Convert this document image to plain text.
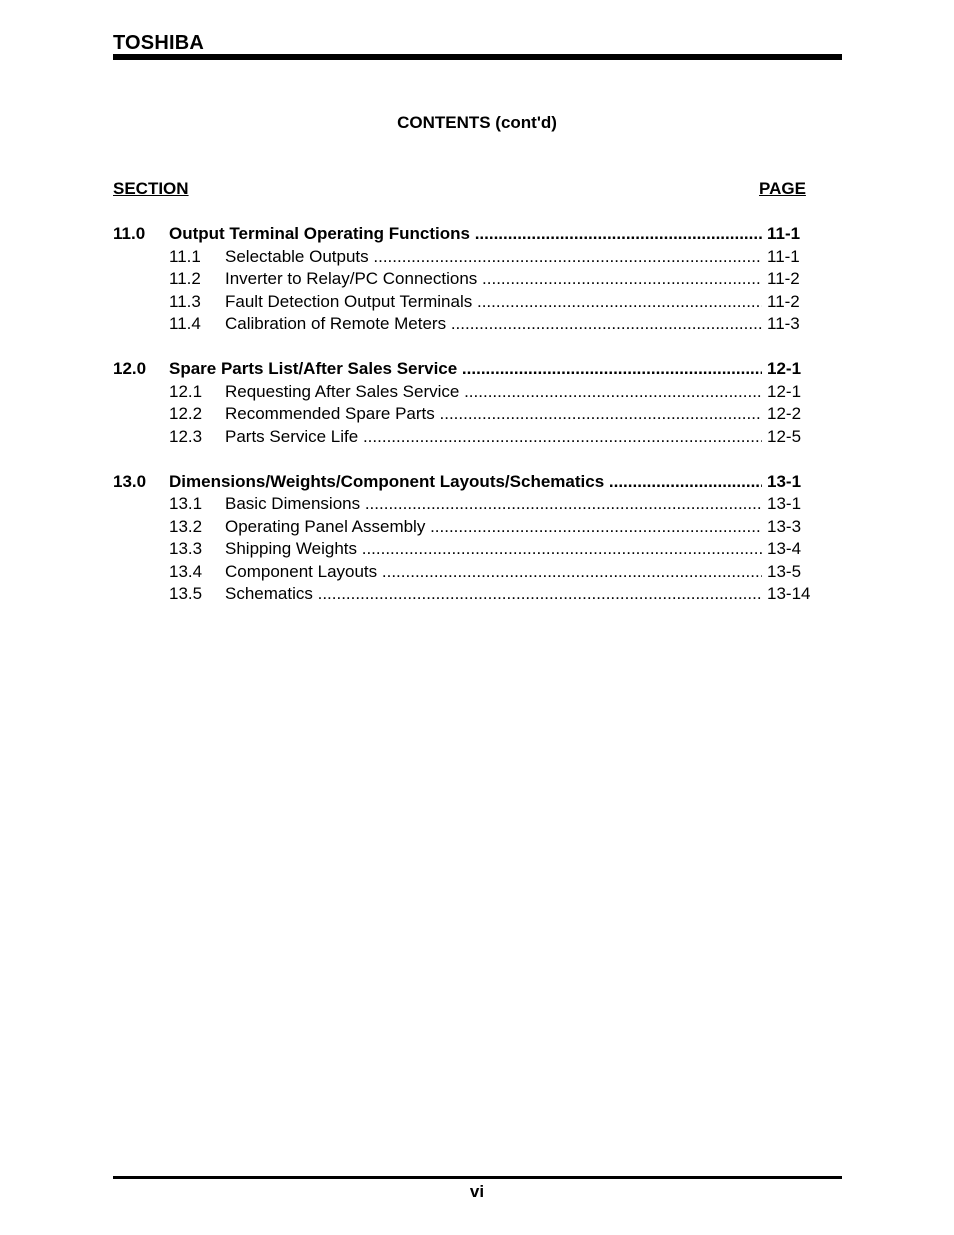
TOSHIBA
CONTENTS (cont'd)
SECTION	PAGE
11.0 Output Terminal Operating Functions .....	11-1
11.1 Selectable Outputs .....	11-1
11.2 Inverter to Relay/PC Connections .....	11-2
11.3 Fault Detection Output Terminals .....	11-2
11.4 Calibration of Remote Meters .....	11-3
12.0 Spare Parts List/After Sales Service .....	12-1
12.1 Requesting After Sales Service .....	12-1
12.2 Recommended Spare Parts .....	12-2
12.3 Parts Service Life .....	12-5
13.0 Dimensions/Weights/Component Layouts/Schematics .....	13-1
13.1 Basic Dimensions .....	13-1
13.2 Operating Panel Assembly .....	13-3
13.3 Shipping Weights .....	13-4
13.4 Component Layouts .....	13-5
13.5 Schematics .....	13-14
vi
